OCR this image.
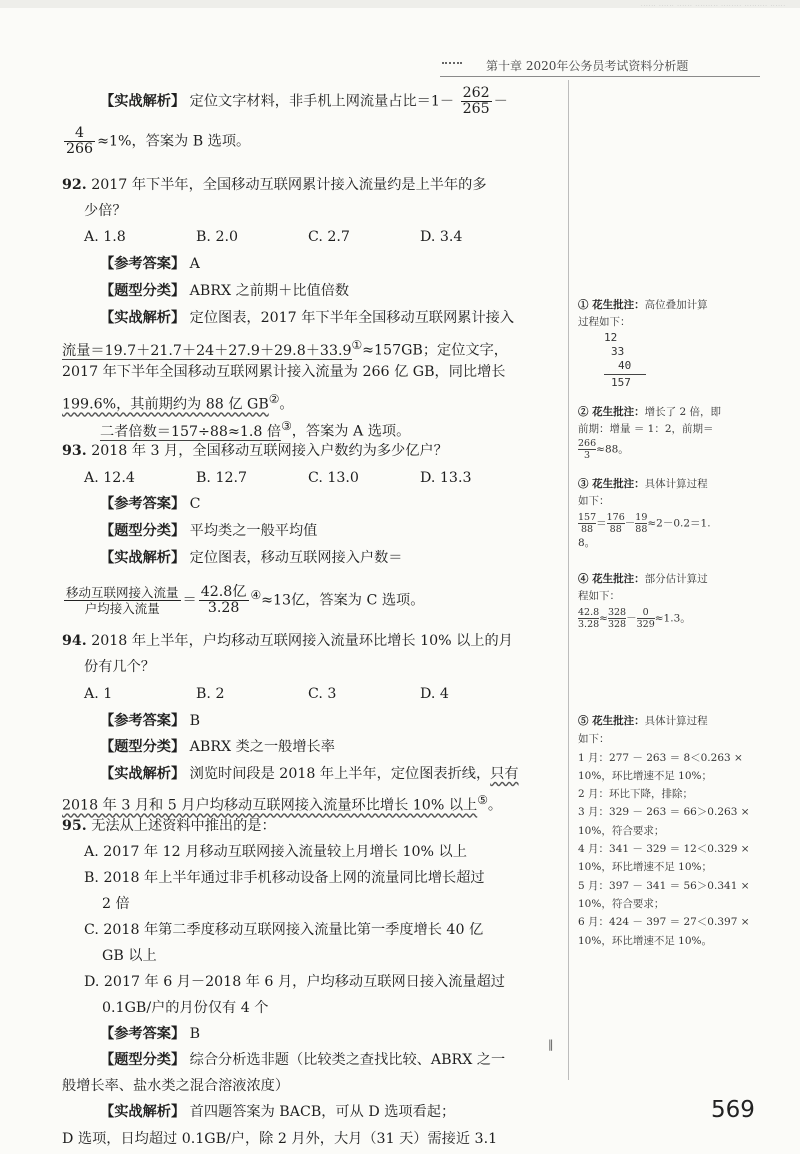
...... ...... ...... ......... ........ ......... ......
第十章 2020年公务员考试资料分析题
【实战解析】 定位文字材料，非手机上网流量占比$=1- \frac{262}{265}$ －
$\frac{4}{266} \approx 1\%$，答案为 B 选项。
92. 2017 年下半年，全国移动互联网累计接入流量约是上半年的多
少倍？
A. 1.8	B. 2.0	C. 2.7	D. 3.4
【参考答案】 A
【题型分类】 ABRX 之前期＋比值倍数
【实战解析】 定位图表，2017 年下半年全国移动互联网累计接入
流量＝19.7＋21.7＋24＋27.9＋29.8＋33.9①≈157GB；定位文字，
2017 年下半年全国移动互联网累计接入流量为 266 亿 GB，同比增长
199.6%，其前期约为 88 亿 GB②。
二者倍数＝157÷88≈1.8 倍③，答案为 A 选项。
93. 2018 年 3 月，全国移动互联网接入户数约为多少亿户？
A. 12.4	B. 12.7	C. 13.0	D. 13.3
【参考答案】 C
【题型分类】 平均类之一般平均值
【实战解析】 定位图表，移动互联网接入户数＝
$\frac{\text{移动互联网接入流量}}{\text{户均接入流量}} = \frac{\text{42.8亿}}{3.28} ^④\approx 13$亿，答案为 C 选项。
94. 2018 年上半年，户均移动互联网接入流量环比增长 10% 以上的月
份有几个？
A. 1	B. 2	C. 3	D. 4
【参考答案】 B
【题型分类】 ABRX 类之一般增长率
【实战解析】 浏览时间段是 2018 年上半年，定位图表折线，只有
2018 年 3 月和 5 月户均移动互联网接入流量环比增长 10% 以上⑤。
95. 无法从上述资料中推出的是：
A. 2017 年 12 月移动互联网接入流量较上月增长 10% 以上
B. 2018 年上半年通过非手机移动设备上网的流量同比增长超过
2 倍
C. 2018 年第二季度移动互联网接入流量比第一季度增长 40 亿
GB 以上
D. 2017 年 6 月－2018 年 6 月，户均移动互联网日接入流量超过
0.1GB/户的月份仅有 4 个
【参考答案】 B
【题型分类】 综合分析选非题（比较类之查找比较、ABRX 之一
般增长率、盐水类之混合溶液浓度）
【实战解析】 首四题答案为 BACB，可从 D 选项看起；
D 选项，日均超过 0.1GB/户，除 2 月外，大月（31 天）需接近 3.1
① 花生批注：高位叠加计算
过程如下：
12
33
40
157
② 花生批注：增长了 2 倍，即
前期：增量 ＝ 1：2，前期＝
$\frac{266}{3} \approx 88$。
③ 花生批注：具体计算过程
如下：
$\frac{157}{88} = \frac{176}{88} - \frac{19}{88} \approx 2-0.2=1$.
8。
④ 花生批注：部分估计算过
程如下：
$\frac{42.8}{3.28} \approx \frac{328}{328} - \frac{0}{329} \approx 1.3$。
⑤ 花生批注：具体计算过程
如下：
1 月：277 － 263 ＝ 8＜0.263 ×
10%，环比增速不足 10%；
2 月：环比下降，排除；
3 月：329 － 263 ＝ 66＞0.263 ×
10%，符合要求；
4 月：341 － 329 ＝ 12＜0.329 ×
10%，环比增速不足 10%；
5 月：397 － 341 ＝ 56＞0.341 ×
10%，符合要求；
6 月：424 － 397 ＝ 27＜0.397 ×
10%，环比增速不足 10%。
‖
569
